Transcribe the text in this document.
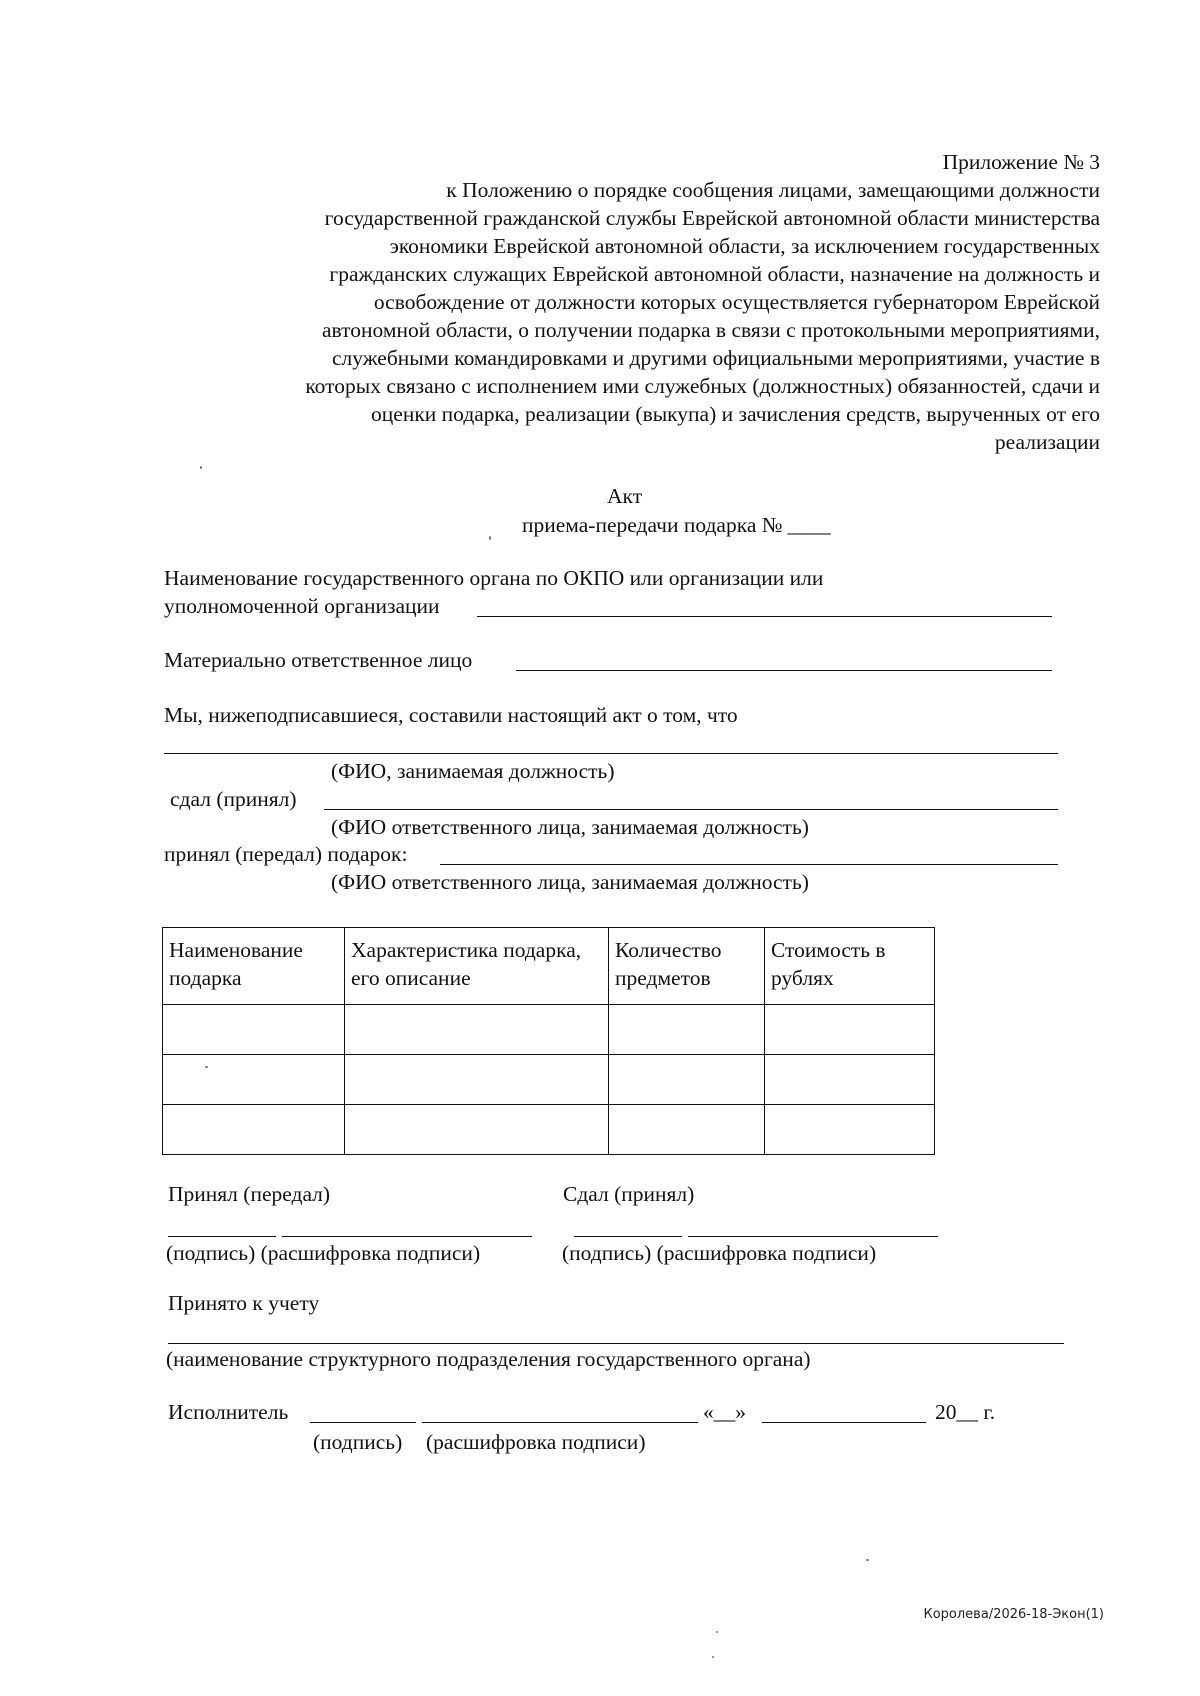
Приложение № 3
к Положению о порядке сообщения лицами, замещающими должности
государственной гражданской службы Еврейской автономной области министерства
экономики Еврейской автономной области, за исключением государственных
гражданских служащих Еврейской автономной области, назначение на должность и
освобождение от должности которых осуществляется губернатором Еврейской
автономной области, о получении подарка в связи с протокольными мероприятиями,
служебными командировками и другими официальными мероприятиями, участие в
которых связано с исполнением ими служебных (должностных) обязанностей, сдачи и
оценки подарка, реализации (выкупа) и зачисления средств, вырученных от его
реализации
Акт
приема-передачи подарка № ____
Наименование государственного органа по ОКПО или организации или
уполномоченной организации
Материально ответственное лицо
Мы, нижеподписавшиеся, составили настоящий акт о том, что
(ФИО, занимаемая должность)
сдал (принял)
(ФИО ответственного лица, занимаемая должность)
принял (передал) подарок:
(ФИО ответственного лица, занимаемая должность)
Наименование подарка	Характеристика подарка, его описание	Количество предметов	Стоимость в рублях

Принял (передал)	Сдал (принял)
(подпись) (расшифровка подписи)	(подпись) (расшифровка подписи)
Принято к учету
(наименование структурного подразделения государственного органа)
Исполнитель	«__»	20__ г.
(подпись) (расшифровка подписи)
Королева/2026-18-Экон(1)
